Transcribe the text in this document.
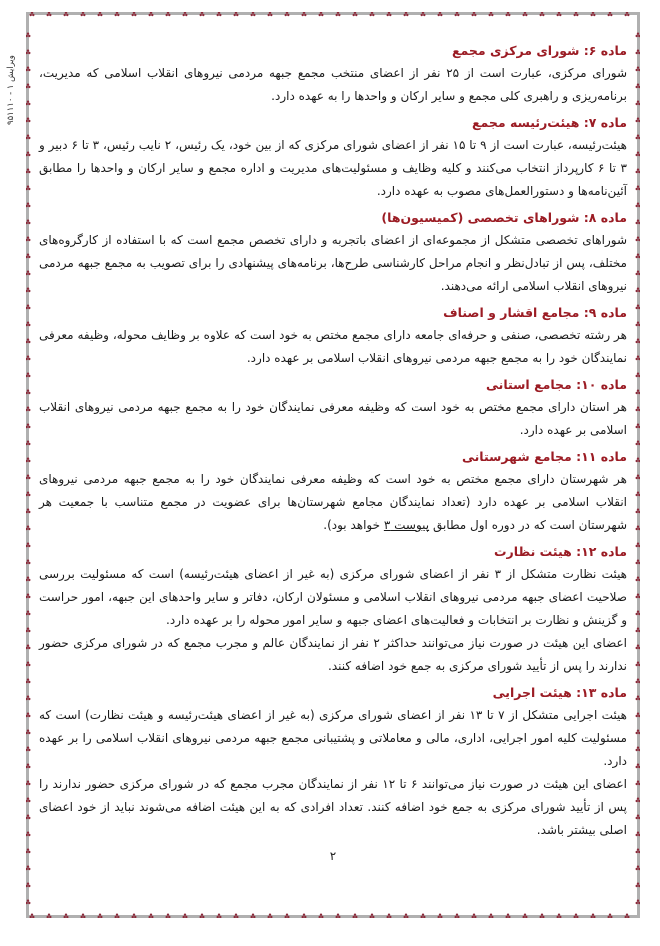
ویرایش ۱ - ۹۵۱۱۱۰
ماده ۶: شورای مرکزی مجمع

شورای مرکزی، عبارت است از ۲۵ نفر از اعضای منتخب مجمع جبهه مردمی نیروهای انقلاب اسلامی که مدیریت، برنامه‌ریزی و راهبری کلی مجمع و سایر ارکان و واحدها را به عهده دارد.

ماده ۷: هیئت‌رئیسه مجمع

هیئت‌رئیسه، عبارت است از ۹ تا ۱۵ نفر از اعضای شورای مرکزی که از بین خود، یک رئیس، ۲ نایب رئیس، ۳ تا ۶ دبیر و ۳ تا ۶ کارپرداز انتخاب می‌کنند و کلیه وظایف و مسئولیت‌های مدیریت و اداره مجمع و سایر ارکان و واحدها را مطابق آئین‌نامه‌ها و دستورالعمل‌های مصوب به عهده دارد.

ماده ۸: شوراهای تخصصی (کمیسیون‌ها)

شوراهای تخصصی متشکل از مجموعه‌ای از اعضای باتجربه و دارای تخصص مجمع است که با استفاده از کارگروه‌های مختلف، پس از تبادل‌نظر و انجام مراحل کارشناسی طرح‌ها، برنامه‌های پیشنهادی را برای تصویب به مجمع جبهه مردمی نیروهای انقلاب اسلامی ارائه می‌دهند.

ماده ۹: مجامع اقشار و اصناف

هر رشته تخصصی، صنفی و حرفه‌ای جامعه دارای مجمع مختص به خود است که علاوه بر وظایف محوله، وظیفه معرفی نمایندگان خود را به مجمع جبهه مردمی نیروهای انقلاب اسلامی بر عهده دارد.

ماده ۱۰: مجامع استانی

هر استان دارای مجمع مختص به خود است که وظیفه معرفی نمایندگان خود را به مجمع جبهه مردمی نیروهای انقلاب اسلامی بر عهده دارد.

ماده ۱۱: مجامع شهرستانی

هر شهرستان دارای مجمع مختص به خود است که وظیفه معرفی نمایندگان خود را به مجمع جبهه مردمی نیروهای انقلاب اسلامی بر عهده دارد (تعداد نمایندگان مجامع شهرستان‌ها برای عضویت در مجمع متناسب با جمعیت هر شهرستان است که در دوره اول مطابق پیوست ۳ خواهد بود).

ماده ۱۲: هیئت نظارت

هیئت نظارت متشکل از ۳ نفر از اعضای شورای مرکزی (به غیر از اعضای هیئت‌رئیسه) است که مسئولیت بررسی صلاحیت اعضای جبهه مردمی نیروهای انقلاب اسلامی و مسئولان ارکان، دفاتر و سایر واحدهای این جبهه، امور حراست و گزینش و نظارت بر انتخابات و فعالیت‌های اعضای جبهه و سایر امور محوله را بر عهده دارد.

اعضای این هیئت در صورت نیاز می‌توانند حداکثر ۲ نفر از نمایندگان عالم و مجرب مجمع که در شورای مرکزی حضور ندارند را پس از تأیید شورای مرکزی به جمع خود اضافه کنند.

ماده ۱۳: هیئت اجرایی

هیئت اجرایی متشکل از ۷ تا ۱۳ نفر از اعضای شورای مرکزی (به غیر از اعضای هیئت‌رئیسه و هیئت نظارت) است که مسئولیت کلیه امور اجرایی، اداری، مالی و معاملاتی و پشتیبانی مجمع جبهه مردمی نیروهای انقلاب اسلامی را بر عهده دارد.

اعضای این هیئت در صورت نیاز می‌توانند ۶ تا ۱۲ نفر از نمایندگان مجرب مجمع که در شورای مرکزی حضور ندارند را پس از تأیید شورای مرکزی به جمع خود اضافه کنند. تعداد افرادی که به این هیئت اضافه می‌شوند نباید از خود اعضای اصلی بیشتر باشد.

۲
